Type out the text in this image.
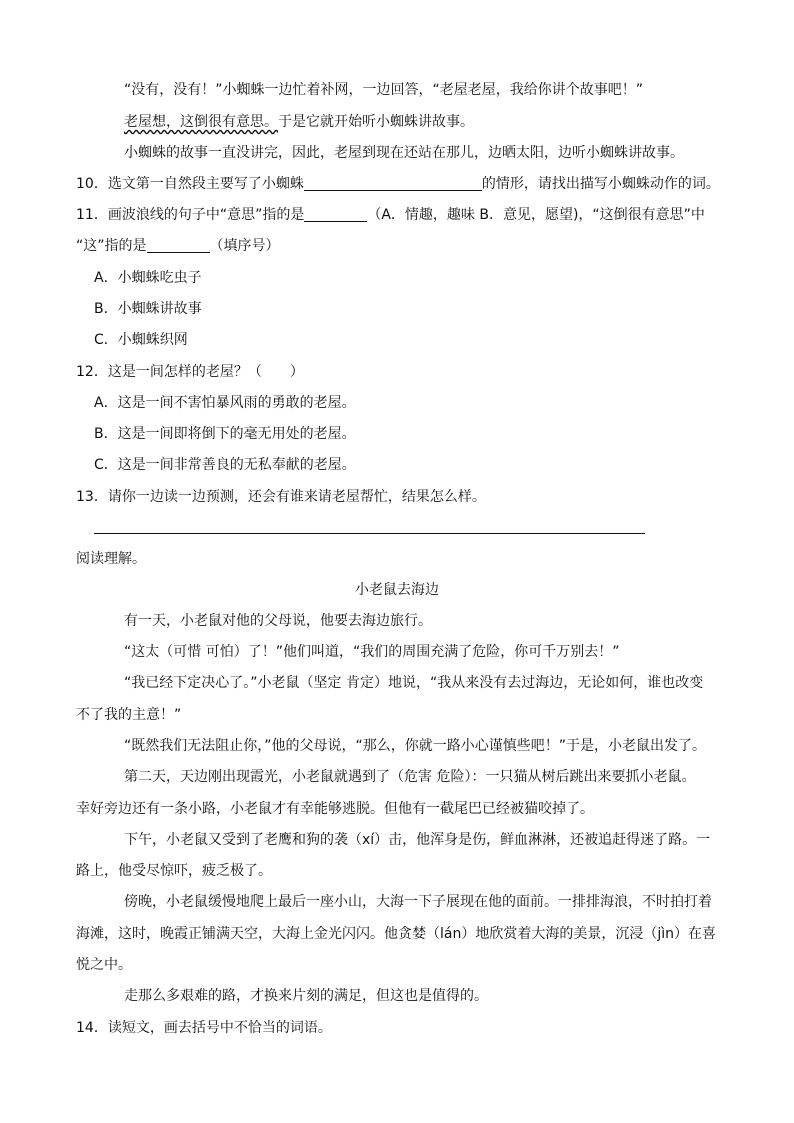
“没有，没有！”小蜘蛛一边忙着补网，一边回答，“老屋老屋，我给你讲个故事吧！”
老屋想，这倒很有意思。于是它就开始听小蜘蛛讲故事。
小蜘蛛的故事一直没讲完，因此，老屋到现在还站在那儿，边晒太阳，边听小蜘蛛讲故事。
10．选文第一自然段主要写了小蜘蛛	的情形，请找出描写小蜘蛛动作的词。
11．画波浪线的句子中“意思”指的是	（A．情趣，趣味 B．意见，愿望)，“这倒很有意思”中
“这”指的是	（填序号）
A．小蜘蛛吃虫子
B．小蜘蛛讲故事
C．小蜘蛛织网
12．这是一间怎样的老屋？（　　）
A．这是一间不害怕暴风雨的勇敢的老屋。
B．这是一间即将倒下的毫无用处的老屋。
C．这是一间非常善良的无私奉献的老屋。
13．请你一边读一边预测，还会有谁来请老屋帮忙，结果怎么样。
阅读理解。
小老鼠去海边
有一天，小老鼠对他的父母说，他要去海边旅行。
“这太（可惜 可怕）了！”他们叫道，“我们的周围充满了危险，你可千万别去！”
“我已经下定决心了。”小老鼠（坚定 肯定）地说，“我从来没有去过海边，无论如何，谁也改变
不了我的主意！”
“既然我们无法阻止你，”他的父母说，“那么，你就一路小心谨慎些吧！”于是，小老鼠出发了。
第二天，天边刚出现霞光，小老鼠就遇到了（危害 危险）：一只猫从树后跳出来要抓小老鼠。
幸好旁边还有一条小路，小老鼠才有幸能够逃脱。但他有一截尾巴已经被猫咬掉了。
下午，小老鼠又受到了老鹰和狗的袭（xí）击，他浑身是伤，鲜血淋淋，还被追赶得迷了路。一
路上，他受尽惊吓，疲乏极了。
傍晚，小老鼠缓慢地爬上最后一座小山，大海一下子展现在他的面前。一排排海浪，不时拍打着
海滩，这时，晚霞正铺满天空，大海上金光闪闪。他贪婪（lán）地欣赏着大海的美景，沉浸（jìn）在喜
悦之中。
走那么多艰难的路，才换来片刻的满足，但这也是值得的。
14．读短文，画去括号中不恰当的词语。
